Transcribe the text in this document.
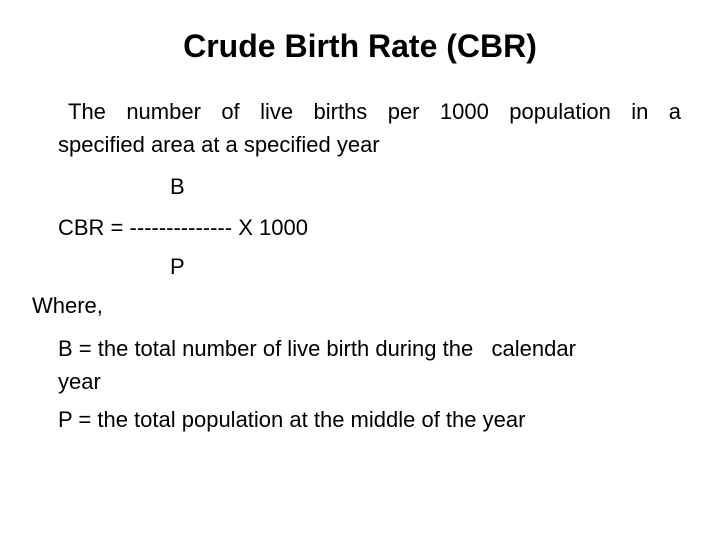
Crude Birth Rate (CBR)
The number of live births per 1000 population in a
specified area at a specified year
B
CBR = -------------- X 1000
P
Where,
B = the total number of live birth during the   calendar
year
P = the total population at the middle of the year
